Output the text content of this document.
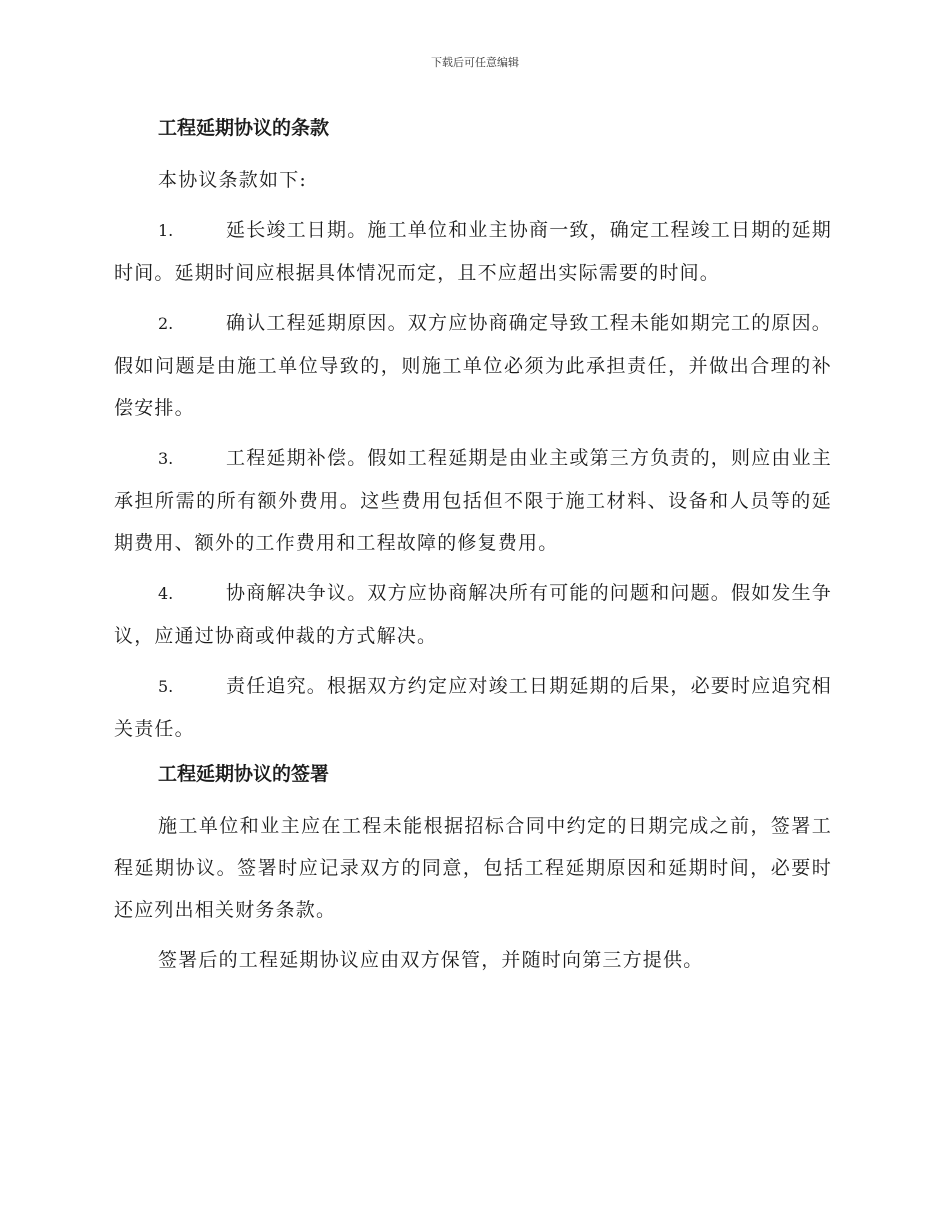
下载后可任意编辑
工程延期协议的条款

本协议条款如下:

1.	延长竣工日期。施工单位和业主协商一致，确定工程竣工日期的延期时间。延期时间应根据具体情况而定，且不应超出实际需要的时间。

2.	确认工程延期原因。双方应协商确定导致工程未能如期完工的原因。假如问题是由施工单位导致的，则施工单位必须为此承担责任，并做出合理的补偿安排。

3.	工程延期补偿。假如工程延期是由业主或第三方负责的，则应由业主承担所需的所有额外费用。这些费用包括但不限于施工材料、设备和人员等的延期费用、额外的工作费用和工程故障的修复费用。

4.	协商解决争议。双方应协商解决所有可能的问题和问题。假如发生争议，应通过协商或仲裁的方式解决。

5.	责任追究。根据双方约定应对竣工日期延期的后果，必要时应追究相关责任。

工程延期协议的签署

施工单位和业主应在工程未能根据招标合同中约定的日期完成之前，签署工程延期协议。签署时应记录双方的同意，包括工程延期原因和延期时间，必要时还应列出相关财务条款。

签署后的工程延期协议应由双方保管，并随时向第三方提供。
